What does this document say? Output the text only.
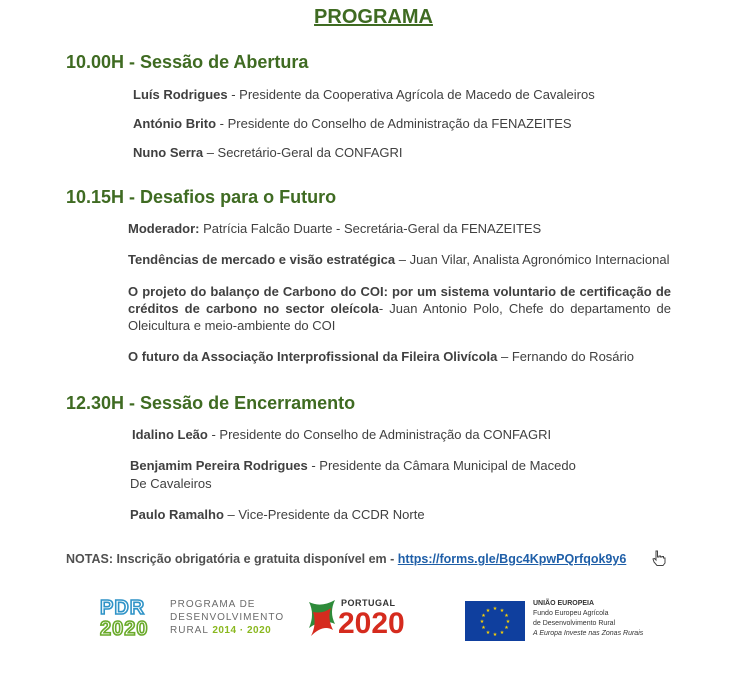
PROGRAMA
10.00H - Sessão de Abertura
Luís Rodrigues - Presidente da Cooperativa Agrícola de Macedo de Cavaleiros
António Brito - Presidente do Conselho de Administração da FENAZEITES
Nuno Serra – Secretário-Geral da CONFAGRI
10.15H - Desafios para o Futuro
Moderador: Patrícia Falcão Duarte - Secretária-Geral da FENAZEITES
Tendências de mercado e visão estratégica – Juan Vilar, Analista Agronómico Internacional
O projeto do balanço de Carbono do COI: por um sistema voluntario de certificação de créditos de carbono no sector oleícola- Juan Antonio Polo, Chefe do departamento de Oleicultura e meio-ambiente do COI
O futuro da Associação Interprofissional da Fileira Olivícola – Fernando do Rosário
12.30H - Sessão de Encerramento
Idalino Leão - Presidente do Conselho de Administração da CONFAGRI
Benjamim Pereira Rodrigues - Presidente da Câmara Municipal de Macedo
De Cavaleiros
Paulo Ramalho – Vice-Presidente da CCDR Norte
NOTAS: Inscrição obrigatória e gratuita disponível em - https://forms.gle/Bgc4KpwPQrfqok9y6
PDR
2020
PROGRAMA DE
DESENVOLVIMENTO
RURAL 2014 · 2020
PORTUGAL
2020	★ ★
★
★
★
★
★
★
★
★
★
★
UNIÃO EUROPEIA
Fundo Europeu Agrícola
de Desenvolvimento Rural
A Europa Investe nas Zonas Rurais
